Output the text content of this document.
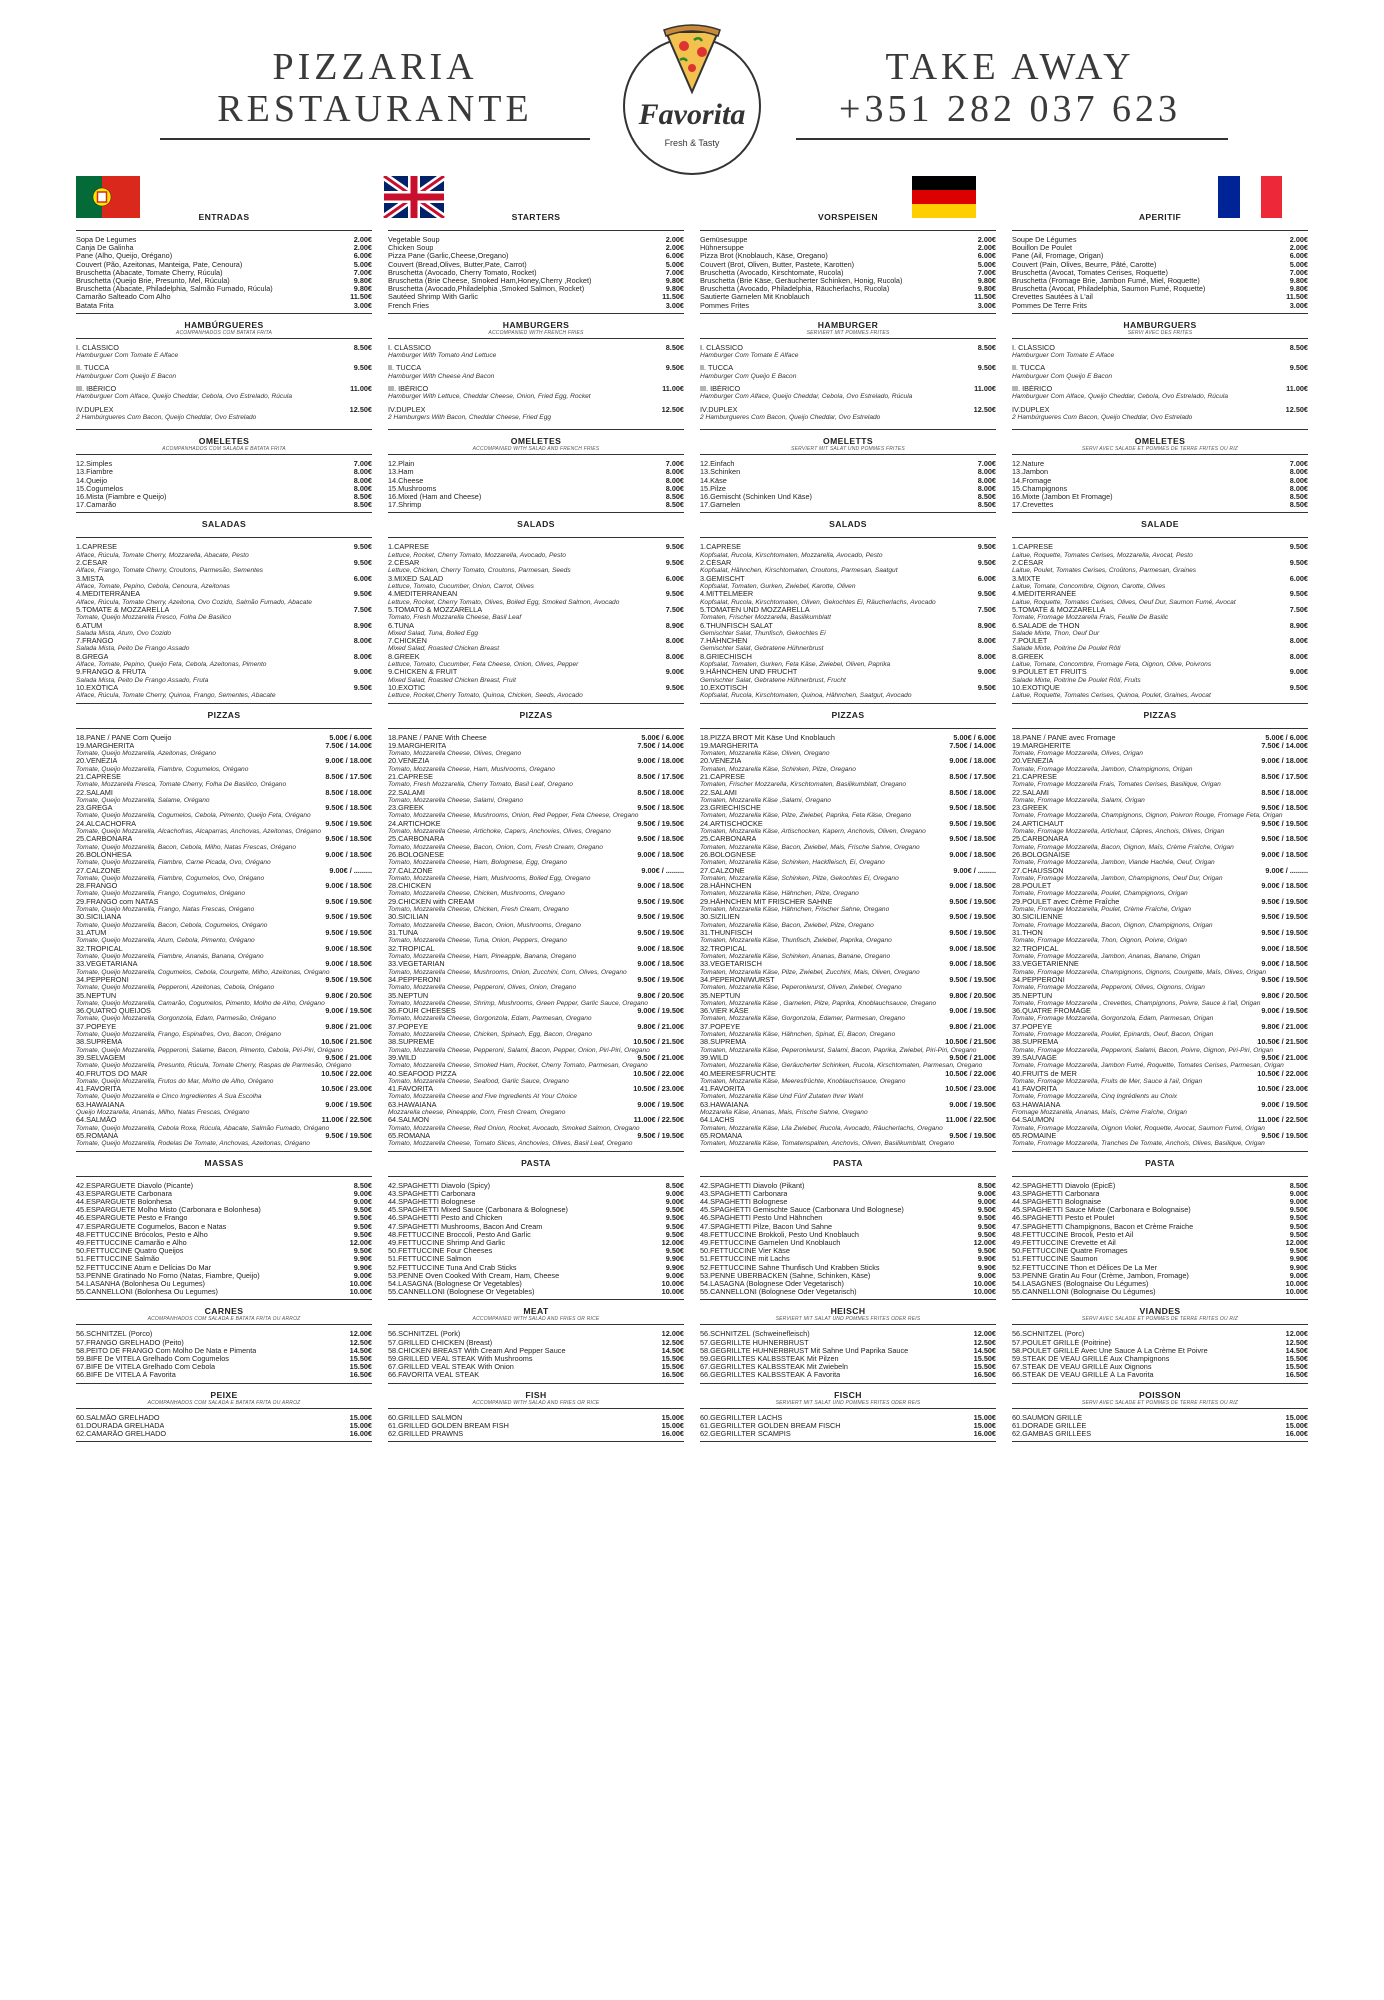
PIZZARIA
RESTAURANTE
TAKE AWAY
+351 282 037 623
Favorita
Fresh & Tasty
ENTRADAS
Sopa De Legumes	2.00€
Canja De Galinha	2.00€
Pane (Alho, Queijo, Orégano)	6.00€
Couvert (Pão, Azeitonas, Manteiga, Pate, Cenoura)	5.00€
Bruschetta (Abacate, Tomate Cherry, Rúcula)	7.00€
Bruschetta (Queijo Brie, Presunto, Mel, Rúcula)	9.80€
Bruschetta (Abacate, Philadelphia, Salmão Fumado, Rúcula)	9.80€
Camarão Salteado Com Alho	11.50€
Batata Frita	3.00€
HAMBÚRGUERES
ACOMPANHADOS COM BATATA FRITA
I. CLÁSSICO	8.50€
Hamburguer Com Tomate E Alface
II. TUCCA	9.50€
Hamburguer Com Queijo E Bacon
III. IBÉRICO	11.00€
Hamburguer Com Alface, Queijo Cheddar, Cebola, Ovo Estrelado, Rúcula
IV.DUPLEX	12.50€
2 Hambúrgueres Com Bacon, Queijo Cheddar, Ovo Estrelado
OMELETES
ACOMPANHADOS COM SALADA E BATATA FRITA
12.Simples	7.00€
13.Fiambre	8.00€
14.Queijo	8.00€
15.Cogumelos	8.00€
16.Mista (Fiambre e Queijo)	8.50€
17.Camarão	8.50€
SALADAS
1.CAPRESE	9.50€
Alface, Rúcula, Tomate Cherry, Mozzarella, Abacate, Pesto
2.CÉSAR	9.50€
Alface, Frango, Tomate Cherry, Croutons, Parmesão, Sementes
3.MISTA	6.00€
Alface, Tomate, Pepino, Cebola, Cenoura, Azeitonas
4.MEDITERRÂNEA	9.50€
Alface, Rúcula, Tomate Cherry, Azeitona, Ovo Cozido, Salmão Fumado, Abacate
5.TOMATE & MOZZARELLA	7.50€
Tomate, Queijo Mozzarella Fresco, Folha De Basilico
6.ATUM	8.90€
Salada Mista, Atum, Ovo Cozido
7.FRANGO	8.00€
Salada Mista, Peito De Frango Assado
8.GREGA	8.00€
Alface, Tomate, Pepino, Queijo Feta, Cebola, Azeitonas, Pimento
9.FRANGO & FRUTA	9.00€
Salada Mista, Peito De Frango Assado, Fruta
10.EXÓTICA	9.50€
Alface, Rúcula, Tomate Cherry, Quinoa, Frango, Sementes, Abacate
PIZZAS
18.PANE / PANE Com Queijo	5.00€ / 6.00€
19.MARGHERITA	7.50€ / 14.00€
Tomate, Queijo Mozzarella, Azeitonas, Orégano
20.VENEZIA	9.00€ / 18.00€
Tomate, Queijo Mozzarella, Fiambre, Cogumelos, Orégano
21.CAPRESE	8.50€ / 17.50€
Tomate, Mozzarella Fresca, Tomate Cherry, Folha De Basilico, Orégano
22.SALAMI	8.50€ / 18.00€
Tomate, Queijo Mozzarella, Salame, Orégano
23.GREGA	9.50€ / 18.50€
Tomate, Queijo Mozzarella, Cogumelos, Cebola, Pimento, Queijo Feta, Orégano
24.ALCACHOFRA	9.50€ / 19.50€
Tomate, Queijo Mozzarella, Alcachofras, Alcaparras, Anchovas, Azeitonas, Orégano
25.CARBONARA	9.50€ / 18.50€
Tomate, Queijo Mozzarella, Bacon, Cebola, Milho, Natas Frescas, Orégano
26.BOLONHESA	9.00€ / 18.50€
Tomate, Queijo Mozzarella, Fiambre, Carne Picada, Ovo, Orégano
27.CALZONE	9.00€ / .........
Tomate, Queijo Mozzarella, Fiambre, Cogumelos, Ovo, Orégano
28.FRANGO	9.00€ / 18.50€
Tomate, Queijo Mozzarella, Frango, Cogumelos, Orégano
29.FRANGO com NATAS	9.50€ / 19.50€
Tomate, Queijo Mozzarella, Frango, Natas Frescas, Orégano
30.SICILIANA	9.50€ / 19.50€
Tomate, Queijo Mozzarella, Bacon, Cebola, Cogumelos, Orégano
31.ATUM	9.50€ / 19.50€
Tomate, Queijo Mozzarella, Atum, Cebola, Pimento, Orégano
32.TROPICAL	9.00€ / 18.50€
Tomate, Queijo Mozzarella, Fiambre, Ananás, Banana, Orégano
33.VEGETARIANA	9.00€ / 18.50€
Tomate, Queijo Mozzarella, Cogumelos, Cebola, Courgette, Milho, Azeitonas, Orégano
34.PEPPERONI	9.50€ / 19.50€
Tomate, Queijo Mozzarella, Pepperoni, Azeitonas, Cebola, Orégano
35.NEPTUN	9.80€ / 20.50€
Tomate, Queijo Mozzarella, Camarão, Cogumelos, Pimento, Molho de Alho, Orégano
36.QUATRO QUEIJOS	9.00€ / 19.50€
Tomate, Queijo Mozzarella, Gorgonzola, Edam, Parmesão, Orégano
37.POPEYE	9.80€ / 21.00€
Tomate, Queijo Mozzarella, Frango, Espinafres, Ovo, Bacon, Orégano
38.SUPREMA	10.50€ / 21.50€
Tomate, Queijo Mozzarella, Pepperoni, Salame, Bacon, Pimento, Cebola, Piri-Piri, Orégano
39.SELVAGEM	9.50€ / 21.00€
Tomate, Queijo Mozzarella, Presunto, Rúcula, Tomate Cherry, Raspas de Parmesão, Orégano
40.FRUTOS DO MAR	10.50€ / 22.00€
Tomate, Queijo Mozzarella, Frutos do Mar, Molho de Alho, Orégano
41.FAVORITA	10.50€ / 23.00€
Tomate, Queijo Mozzarella e Cinco Ingredientes À Sua Escolha
63.HAWAIANA	9.00€ / 19.50€
Queijo Mozzarella, Ananás, Milho, Natas Frescas, Orégano
64.SALMÃO	11.00€ / 22.50€
Tomate, Queijo Mozzarella, Cebola Roxa, Rúcula, Abacate, Salmão Fumado, Orégano
65.ROMANA	9.50€ / 19.50€
Tomate, Queijo Mozzarella, Rodelas De Tomate, Anchovas, Azeitonas, Orégano
MASSAS
42.ESPARGUETE Diavolo (Picante)	8.50€
43.ESPARGUETE Carbonara	9.00€
44.ESPARGUETE Bolonhesa	9.00€
45.ESPARGUETE Molho Misto (Carbonara e Bolonhesa)	9.50€
46.ESPARGUETE Pesto e Frango	9.50€
47.ESPARGUETE Cogumelos, Bacon e Natas	9.50€
48.FETTUCCINE Brócolos, Pesto e Alho	9.50€
49.FETTUCCINE Camarão e Alho	12.00€
50.FETTUCCINE Quatro Queijos	9.50€
51.FETTUCCINE Salmão	9.90€
52.FETTUCCINE Atum e Delícias Do Mar	9.90€
53.PENNE Gratinado No Forno (Natas, Fiambre, Queijo)	9.00€
54.LASANHA (Bolonhesa Ou Legumes)	10.00€
55.CANNELLONI (Bolonhesa Ou Legumes)	10.00€
CARNES
ACOMPANHADOS COM SALADA E BATATA FRITA OU ARROZ
56.SCHNITZEL (Porco)	12.00€
57.FRANGO GRELHADO (Peito)	12.50€
58.PEITO DE FRANGO Com Molho De Nata e Pimenta	14.50€
59.BIFE De VITELA Grelhado Com Cogumelos	15.50€
67.BIFE De VITELA Grelhado Com Cebola	15.50€
66.BIFE De VITELA À Favorita	16.50€
PEIXE
ACOMPANHADOS COM SALADA E BATATA FRITA OU ARROZ
60.SALMÃO GRELHADO	15.00€
61.DOURADA GRELHADA	15.00€
62.CAMARÃO GRELHADO	16.00€
STARTERS
Vegetable Soup	2.00€
Chicken Soup	2.00€
Pizza Pane (Garlic,Cheese,Oregano)	6.00€
Couvert (Bread,Olives, Butter,Pate, Carrot)	5.00€
Bruschetta (Avocado, Cherry Tomato, Rocket)	7.00€
Bruschetta (Brie Cheese, Smoked Ham,Honey,Cherry ,Rocket)	9.80€
Bruschetta (Avocado,Philadelphia ,Smoked Salmon, Rocket)	9.80€
Sautéed Shrimp With Garlic	11.50€
French Fries	3.00€
HAMBURGERS
ACCOMPANIED WITH FRENCH FRIES
I. CLÁSSICO	8.50€
Hamburger With Tomato And Lettuce
II. TUCCA	9.50€
Hamburger With Cheese And Bacon
III. IBÉRICO	11.00€
Hamburger With Lettuce, Cheddar Cheese, Onion, Fried Egg, Rocket
IV.DUPLEX	12.50€
2 Hamburgers With Bacon, Cheddar Cheese, Fried Egg
OMELETES
ACCOMPANIED WITH SALAD AND FRENCH FRIES
12.Plain	7.00€
13.Ham	8.00€
14.Cheese	8.00€
15.Mushrooms	8.00€
16.Mixed (Ham and Cheese)	8.50€
17.Shrimp	8.50€
SALADS
1.CAPRESE	9.50€
Lettuce, Rocket, Cherry Tomato, Mozzarella, Avocado, Pesto
2.CÉSAR	9.50€
Lettuce, Chicken, Cherry Tomato, Croutons, Parmesan, Seeds
3.MIXED SALAD	6.00€
Lettuce, Tomato, Cucumber, Onion, Carrot, Olives
4.MEDITERRANEAN	9.50€
Lettuce, Rocket, Cherry Tomato, Olives, Boiled Egg, Smoked Salmon, Avocado
5.TOMATO & MOZZARELLA	7.50€
Tomato, Fresh Mozzarella Cheese, Basil Leaf
6.TUNA	8.90€
Mixed Salad, Tuna, Boiled Egg
7.CHICKEN	8.00€
Mixed Salad, Roasted Chicken Breast
8.GREEK	8.00€
Lettuce, Tomato, Cucumber, Feta Cheese, Onion, Olives, Pepper
9.CHICKEN & FRUIT	9.00€
Mixed Salad, Roasted Chicken Breast, Fruit
10.EXOTIC	9.50€
Lettuce, Rocket,Cherry Tomato, Quinoa, Chicken, Seeds, Avocado
PIZZAS
18.PANE / PANE With Cheese	5.00€ / 6.00€
19.MARGHERITA	7.50€ / 14.00€
Tomato, Mozzarella Cheese, Olives, Oregano
20.VENEZIA	9.00€ / 18.00€
Tomato, Mozzarella Cheese, Ham, Mushrooms, Oregano
21.CAPRESE	8.50€ / 17.50€
Tomato, Fresh Mozzarella, Cherry Tomato, Basil Leaf, Oregano
22.SALAMI	8.50€ / 18.00€
Tomato, Mozzarella Cheese, Salami, Oregano
23.GREEK	9.50€ / 18.50€
Tomato, Mozzarella Cheese, Mushrooms, Onion, Red Pepper, Feta Cheese, Oregano
24.ARTICHOKE	9.50€ / 19.50€
Tomato, Mozzarella Cheese, Artichoke, Capers, Anchovies, Olives, Oregano
25.CARBONARA	9.50€ / 18.50€
Tomato, Mozzarella Cheese, Bacon, Onion, Corn, Fresh Cream, Oregano
26.BOLOGNESE	9.00€ / 18.50€
Tomato, Mozzarella Cheese, Ham, Bolognese, Egg, Oregano
27.CALZONE	9.00€ / .........
Tomato, Mozzarella Cheese, Ham, Mushrooms, Boiled Egg, Oregano
28.CHICKEN	9.00€ / 18.50€
Tomato, Mozzarella Cheese, Chicken, Mushrooms, Oregano
29.CHICKEN with CREAM	9.50€ / 19.50€
Tomato, Mozzarella Cheese, Chicken, Fresh Cream, Oregano
30.SICILIAN	9.50€ / 19.50€
Tomato, Mozzarella Cheese, Bacon, Onion, Mushrooms, Oregano
31.TUNA	9.50€ / 19.50€
Tomato, Mozzarella Cheese, Tuna, Onion, Peppers, Oregano
32.TROPICAL	9.00€ / 18.50€
Tomato, Mozzarella Cheese, Ham, Pineapple, Banana, Oregano
33.VEGETARIAN	9.00€ / 18.50€
Tomato, Mozzarella Cheese, Mushrooms, Onion, Zucchini, Corn, Olives, Oregano
34.PEPPERONI	9.50€ / 19.50€
Tomato, Mozzarella Cheese, Pepperoni, Olives, Onion, Oregano
35.NEPTUN	9.80€ / 20.50€
Tomato, Mozzarella Cheese, Shrimp, Mushrooms, Green Pepper, Garlic Sauce, Oregano
36.FOUR CHEESES	9.00€ / 19.50€
Tomato, Mozzarella Cheese, Gorgonzola, Edam, Parmesan, Oregano
37.POPEYE	9.80€ / 21.00€
Tomato, Mozzarella Cheese, Chicken, Spinach, Egg, Bacon, Oregano
38.SUPREME	10.50€ / 21.50€
Tomato, Mozzarella Cheese, Pepperoni, Salami, Bacon, Pepper, Onion, Piri-Piri, Oregano
39.WILD	9.50€ / 21.00€
Tomato, Mozzarella Cheese, Smoked Ham, Rocket, Cherry Tomato, Parmesan, Oregano
40.SEAFOOD PIZZA	10.50€ / 22.00€
Tomato, Mozzarella Cheese, Seafood, Garlic Sauce, Oregano
41.FAVORITA	10.50€ / 23.00€
Tomato, Mozzarella Cheese and Five Ingredients At Your Choice
63.HAWAIANA	9.00€ / 19.50€
Mozzarella cheese, Pineapple, Corn, Fresh Cream, Oregano
64.SALMON	11.00€ / 22.50€
Tomato, Mozzarella Cheese, Red Onion, Rocket, Avocado, Smoked Salmon, Oregano
65.ROMANA	9.50€ / 19.50€
Tomato, Mozzarella Cheese, Tomato Slices, Anchovies, Olives, Basil Leaf, Oregano
PASTA
42.SPAGHETTI Diavolo (Spicy)	8.50€
43.SPAGHETTI Carbonara	9.00€
44.SPAGHETTI Bolognese	9.00€
45.SPAGHETTI Mixed Sauce (Carbonara & Bolognese)	9.50€
46.SPAGHETTI Pesto and Chicken	9.50€
47.SPAGHETTI Mushrooms, Bacon And Cream	9.50€
48.FETTUCCINE Broccoli, Pesto And Garlic	9.50€
49.FETTUCCINE Shrimp And Garlic	12.00€
50.FETTUCCINE Four Cheeses	9.50€
51.FETTUCCINE Salmon	9.90€
52.FETTUCCINE Tuna And Crab Sticks	9.90€
53.PENNE Oven Cooked With Cream, Ham, Cheese	9.00€
54.LASAGNA (Bolognese Or Vegetables)	10.00€
55.CANNELLONI (Bolognese Or Vegetables)	10.00€
MEAT
ACCOMPANIED WITH SALAD AND FRIES OR RICE
56.SCHNITZEL (Pork)	12.00€
57.GRILLED CHICKEN (Breast)	12.50€
58.CHICKEN BREAST With Cream And Pepper Sauce	14.50€
59.GRILLED VEAL STEAK With Mushrooms	15.50€
67.GRILLED VEAL STEAK With Onion	15.50€
66.FAVORITA VEAL STEAK	16.50€
FISH
ACCOMPANIED WITH SALAD AND FRIES OR RICE
60.GRILLED SALMON	15.00€
61.GRILLED GOLDEN BREAM FISH	15.00€
62.GRILLED PRAWNS	16.00€
VORSPEISEN
Gemüsesuppe	2.00€
Hühnersuppe	2.00€
Pizza Brot (Knoblauch, Käse, Oregano)	6.00€
Couvert (Brot, Oliven, Butter, Pastete, Karotten)	5.00€
Bruschetta (Avocado, Kirschtomate, Rucola)	7.00€
Bruschetta (Brie Käse, Geräucherter Schinken, Honig, Rucola)	9.80€
Bruschetta (Avocado, Philadelphia, Räucherlachs, Rucola)	9.80€
Sautierte Garnelen Mit Knoblauch	11.50€
Pommes Frites	3.00€
HAMBURGER
SERVIERT MIT POMMES FRITES
I. CLÁSSICO	8.50€
Hamburger Com Tomate E Alface
II. TUCCA	9.50€
Hamburger Com Queijo E Bacon
III. IBÉRICO	11.00€
Hamburger Com Alface, Queijo Cheddar, Cebola, Ovo Estrelado, Rúcula
IV.DUPLEX	12.50€
2 Hamburgueres Com Bacon, Queijo Cheddar, Ovo Estrelado
OMELETTS
SERVIERT MIT SALAT UND POMMES FRITES
12.Einfach	7.00€
13.Schinken	8.00€
14.Käse	8.00€
15.Pilze	8.00€
16.Gemischt (Schinken Und Käse)	8.50€
17.Garnelen	8.50€
SALADS
1.CAPRESE	9.50€
Kopfsalat, Rucola, Kirschtomaten, Mozzarella, Avocado, Pesto
2.CÉSAR	9.50€
Kopfsalat, Hähnchen, Kirschtomaten, Croutons, Parmesan, Saatgut
3.GEMISCHT	6.00€
Kopfsalat, Tomaten, Gurken, Zwiebel, Karotte, Oliven
4.MITTELMEER	9.50€
Kopfsalat, Rucola, Kirschtomaten, Oliven, Gekochtes Ei, Räucherlachs, Avocado
5.TOMATEN UND MOZZARELLA	7.50€
Tomaten, Frischer Mozzarella, Basilikumblatt
6.THUNFISCH SALAT	8.90€
Gemischter Salat, Thunfisch, Gekochtes Ei
7.HÄHNCHEN	8.00€
Gemischter Salat, Gebratene Hühnerbrust
8.GRIECHISCH	8.00€
Kopfsalat, Tomaten, Gurken, Feta Käse, Zwiebel, Oliven, Paprika
9.HÄHNCHEN UND FRUCHT	9.00€
Gemischter Salat, Gebratene Hühnerbrust, Frucht
10.EXOTISCH	9.50€
Kopfsalat, Rucola, Kirschtomaten, Quinoa, Hähnchen, Saatgut, Avocado
PIZZAS
18.PIZZA BROT Mit Käse Und Knoblauch	5.00€ / 6.00€
19.MARGHERITA	7.50€ / 14.00€
Tomaten, Mozzarella Käse, Oliven, Oregano
20.VENEZIA	9.00€ / 18.00€
Tomaten, Mozzarella Käse, Schinken, Pilze, Oregano
21.CAPRESE	8.50€ / 17.50€
Tomaten, Frischer Mozzarella, Kirschtomaten, Basilikumblatt, Oregano
22.SALAMI	8.50€ / 18.00€
Tomaten, Mozzarella Käse ,Salami, Oregano
23.GRIECHISCHE	9.50€ / 18.50€
Tomaten, Mozzarella Käse, Pilze, Zwiebel, Paprika, Feta Käse, Oregano
24.ARTISCHOCKE	9.50€ / 19.50€
Tomaten, Mozzarella Käse, Artischocken, Kapern, Anchovis, Oliven, Oregano
25.CARBONARA	9.50€ / 18.50€
Tomaten, Mozzarella Käse, Bacon, Zwiebel, Mais, Frische Sahne, Oregano
26.BOLOGNESE	9.00€ / 18.50€
Tomaten, Mozzarella Käse, Schinken, Hackfleisch, Ei, Oregano
27.CALZONE	9.00€ / .........
Tomaten, Mozzarella Käse, Schinken, Pilze, Gekochtes Ei, Oregano
28.HÄHNCHEN	9.00€ / 18.50€
Tomaten, Mozzarella Käse, Hähnchen, Pilze, Oregano
29.HÄHNCHEN MIT FRISCHER SAHNE	9.50€ / 19.50€
Tomaten, Mozzarella Käse, Hähnchen, Frischer Sahne, Oregano
30.SIZILIEN	9.50€ / 19.50€
Tomaten, Mozzarella Käse, Bacon, Zwiebel, Pilze, Oregano
31.THUNFISCH	9.50€ / 19.50€
Tomaten, Mozzarella Käse, Thunfisch, Zwiebel, Paprika, Oregano
32.TROPICAL	9.00€ / 18.50€
Tomaten, Mozzarella Käse, Schinken, Ananas, Banane, Oregano
33.VEGETARISCH	9.00€ / 18.50€
Tomaten, Mozzarella Käse, Pilze, Zwiebel, Zucchini, Mais, Oliven, Oregano
34.PEPERONIWURST	9.50€ / 19.50€
Tomaten, Mozzarella Käse, Peperoniwurst, Oliven, Zwiebel, Oregano
35.NEPTUN	9.80€ / 20.50€
Tomaten, Mozzarella Käse , Garnelen, Pilze, Paprika, Knoblauchsauce, Oregano
36.VIER KÄSE	9.00€ / 19.50€
Tomaten, Mozzarella Käse, Gorgonzola, Edamer, Parmesan, Oregano
37.POPEYE	9.80€ / 21.00€
Tomaten, Mozzarella Käse, Hähnchen, Spinat, Ei, Bacon, Oregano
38.SUPREMA	10.50€ / 21.50€
Tomaten, Mozzarella Käse, Peperoniwurst, Salami, Bacon, Paprika, Zwiebel, Piri-Piri, Oregano
39.WILD	9.50€ / 21.00€
Tomaten, Mozzarella Käse, Geräucherter Schinken, Rucola, Kirschtomaten, Parmesan, Oregano
40.MEERESFRÜCHTE	10.50€ / 22.00€
Tomaten, Mozzarella Käse, Meeresfrüchte, Knoblauchsauce, Oregano
41.FAVORITA	10.50€ / 23.00€
Tomaten, Mozzarella Käse Und Fünf Zutaten Ihrer Wahl
63.HAWAIANA	9.00€ / 19.50€
Mozzarella Käse, Ananas, Mais, Frische Sahne, Oregano
64.LACHS	11.00€ / 22.50€
Tomaten, Mozzarella Käse, Lila Zwiebel, Rucola, Avocado, Räucherlachs, Oregano
65.ROMANA	9.50€ / 19.50€
Tomaten, Mozzarella Käse, Tomatenspalten, Anchovis, Oliven, Basilikumblatt, Oregano
PASTA
42.SPAGHETTI Diavolo (Pikant)	8.50€
43.SPAGHETTI Carbonara	9.00€
44.SPAGHETTI Bolognese	9.00€
45.SPAGHETTI Gemischte Sauce (Carbonara Und Bolognese)	9.50€
46.SPAGHETTI Pesto Und Hähnchen	9.50€
47.SPAGHETTI Pilze, Bacon Und Sahne	9.50€
48.FETTUCCINE Brokkoli, Pesto Und Knoblauch	9.50€
49.FETTUCCINE Garnelen Und Knoblauch	12.00€
50.FETTUCCINE Vier Käse	9.50€
51.FETTUCCINE mit Lachs	9.90€
52.FETTUCCINE Sahne Thunfisch Und Krabben Sticks	9.90€
53.PENNE ÜBERBACKEN (Sahne, Schinken, Käse)	9.00€
54.LASAGNA (Bolognese Oder Vegetarisch)	10.00€
55.CANNELLONI (Bolognese Oder Vegetarisch)	10.00€
HEISCH
SERVIERT MIT SALAT UND POMMES FRITES ODER REIS
56.SCHNITZEL (Schweinefleisch)	12.00€
57.GEGRILLTE HÜHNERBRUST	12.50€
58.GEGRILLTE HÜHNERBRUST Mit Sahne Und Paprika Sauce	14.50€
59.GEGRILLTES KALBSSTEAK Mit Pilzen	15.50€
67.GEGRILLTES KALBSSTEAK Mit Zwiebeln	15.50€
66.GEGRILLTES KALBSSTEAK À Favorita	16.50€
FISCH
SERVIERT MIT SALAT UND POMMES FRITES ODER REIS
60.GEGRILLTER LACHS	15.00€
61.GEGRILLTER GOLDEN BREAM FISCH	15.00€
62.GEGRILLTER SCAMPIS	16.00€
APERITIF
Soupe De Légumes	2.00€
Bouillon De Poulet	2.00€
Pane (Ail, Fromage, Origan)	6.00€
Couvert (Pain, Olives, Beurre, Pâté, Carotte)	5.00€
Bruschetta (Avocat, Tomates Cerises, Roquette)	7.00€
Bruschetta (Fromage Brie, Jambon Fumé, Miel, Roquette)	9.80€
Bruschetta (Avocat, Philadelphia, Saumon Fumé, Roquette)	9.80€
Crevettes Sautées à L'ail	11.50€
Pommes De Terre Frits	3.00€
HAMBURGUERS
SERVI AVEC DES FRITES
I. CLÁSSICO	8.50€
Hamburguer Com Tomate E Alface
II. TUCCA	9.50€
Hamburguer Com Queijo E Bacon
III. IBÉRICO	11.00€
Hamburguer Com Alface, Queijo Cheddar, Cebola, Ovo Estrelado, Rúcula
IV.DUPLEX	12.50€
2 Hambúrgueres Com Bacon, Queijo Cheddar, Ovo Estrelado
OMELETES
SERVI AVEC SALADE ET POMMES DE TERRE FRITES OU RIZ
12.Nature	7.00€
13.Jambon	8.00€
14.Fromage	8.00€
15.Champignons	8.00€
16.Mixte (Jambon Et Fromage)	8.50€
17.Crevettes	8.50€
SALADE
1.CAPRESE	9.50€
Laitue, Roquette, Tomates Cerises, Mozzarella, Avocat, Pesto
2.CÉSAR	9.50€
Laitue, Poulet, Tomates Cerises, Croûtons, Parmesan, Graines
3.MIXTE	6.00€
Laitue, Tomate, Concombre, Oignon, Carotte, Olives
4.MÉDITERRANÉE	9.50€
Laitue, Roquette, Tomates Cerises, Olives, Oeuf Dur, Saumon Fumé, Avocat
5.TOMATE & MOZZARELLA	7.50€
Tomate, Fromage Mozzarella Frais, Feuille De Basilic
6.SALADE de THON	8.90€
Salade Mixte, Thon, Oeuf Dur
7.POULET	8.00€
Salade Mixte, Poitrine De Poulet Rôti
8.GREEK	8.00€
Laitue, Tomate, Concombre, Fromage Feta, Oignon, Olive, Poivrons
9.POULET ET FRUITS	9.00€
Salade Mixte, Poitrine De Poulet Rôti, Fruits
10.EXOTIQUE	9.50€
Laitue, Roquette, Tomates Cerises, Quinoa, Poulet, Graines, Avocat
PIZZAS
18.PANE / PANE avec Fromage	5.00€ / 6.00€
19.MARGHERITE	7.50€ / 14.00€
Tomate, Fromage Mozzarella, Olives, Origan
20.VENEZIA	9.00€ / 18.00€
Tomate, Fromage Mozzarella, Jambon, Champignons, Origan
21.CAPRESE	8.50€ / 17.50€
Tomate, Fromage Mozzarella Frais, Tomates Cerises, Basilique, Origan
22.SALAMI	8.50€ / 18.00€
Tomate, Fromage Mozzarella, Salami, Origan
23.GREEK	9.50€ / 18.50€
Tomate, Fromage Mozzarella, Champignons, Oignon, Poivron Rouge, Fromage Feta, Origan
24.ARTICHAUT	9.50€ / 19.50€
Tomate, Fromage Mozzarella, Artichaut, Câpres, Anchois, Olives, Origan
25.CARBONARA	9.50€ / 18.50€
Tomate, Fromage Mozzarella, Bacon, Oignon, Maïs, Crème Fraîche, Origan
26.BOLOGNAISE	9.00€ / 18.50€
Tomate, Fromage Mozzarella, Jambon, Viande Hachée, Oeuf, Origan
27.CHAUSSON	9.00€ / .........
Tomate, Fromage Mozzarella, Jambon, Champignons, Oeuf Dur, Origan
28.POULET	9.00€ / 18.50€
Tomate, Fromage Mozzarella, Poulet, Champignons, Origan
29.POULET avec Crème Fraîche	9.50€ / 19.50€
Tomate, Fromage Mozzarella, Poulet, Crème Fraîche, Origan
30.SICILIENNE	9.50€ / 19.50€
Tomate, Fromage Mozzarella, Bacon, Oignon, Champignons, Origan
31.THON	9.50€ / 19.50€
Tomate, Fromage Mozzarella, Thon, Oignon, Poivre, Origan
32.TROPICAL	9.00€ / 18.50€
Tomate, Fromage Mozzarella, Jambon, Ananas, Banane, Origan
33.VEGETARIENNE	9.00€ / 18.50€
Tomate, Fromage Mozzarella, Champignons, Oignons, Courgette, Maïs, Olives, Origan
34.PEPPERONI	9.50€ / 19.50€
Tomate, Fromage Mozzarella, Pepperoni, Olives, Oignons, Origan
35.NEPTUN	9.80€ / 20.50€
Tomate, Fromage Mozzarella , Crevettes, Champignons, Poivre, Sauce à l'ail, Origan
36.QUATRE FROMAGE	9.00€ / 19.50€
Tomate, Fromage Mozzarella, Gorgonzola, Edam, Parmesan, Origan
37.POPEYE	9.80€ / 21.00€
Tomate, Fromage Mozzarella, Poulet, Épinards, Oeuf, Bacon, Origan
38.SUPREMA	10.50€ / 21.50€
Tomate, Fromage Mozzarella, Pepperoni, Salami, Bacon, Poivre, Oignon, Piri-Piri, Origan
39.SAUVAGE	9.50€ / 21.00€
Tomate, Fromage Mozzarella, Jambon Fumé, Roquette, Tomates Cerises, Parmesan, Origan
40.FRUITS de MER	10.50€ / 22.00€
Tomate, Fromage Mozzarella, Fruits de Mer, Sauce à l'ail, Origan
41.FAVORITA	10.50€ / 23.00€
Tomate, Fromage Mozzarella, Cinq Ingrédients au Choix
63.HAWAIANA	9.00€ / 19.50€
Fromage Mozzarella, Ananas, Maïs, Crème Fraîche, Origan
64.SAUMON	11.00€ / 22.50€
Tomate, Fromage Mozzarella, Oignon Violet, Roquette, Avocat, Saumon Fumé, Origan
65.ROMAINE	9.50€ / 19.50€
Tomate, Fromage Mozzarella, Tranches De Tomate, Anchois, Olives, Basilique, Origan
PASTA
42.SPAGHETTI Diavolo (ÉpicÉ)	8.50€
43.SPAGHETTI Carbonara	9.00€
44.SPAGHETTI Bolognaise	9.00€
45.SPAGHETTI Sauce Mixte (Carbonara e Bolognaise)	9.50€
46.SPAGHETTI Pesto et Poulet	9.50€
47.SPAGHETTI Champignons, Bacon et Crème Fraiche	9.50€
48.FETTUCCINE Brocoli, Pesto et Ail	9.50€
49.FETTUCCINE Crevette et Ail	12.00€
50.FETTUCCINE Quatre Fromages	9.50€
51.FETTUCCINE Saumon	9.90€
52.FETTUCCINE Thon et Délices De La Mer	9.90€
53.PENNE Gratin Au Four (Crème, Jambon, Fromage)	9.00€
54.LASAGNES (Bolognaise Ou Légumes)	10.00€
55.CANNELLONI (Bolognaise Ou Légumes)	10.00€
VIANDES
SERVI AVEC SALADE ET POMMES DE TERRE FRITES OU RIZ
56.SCHNITZEL (Porc)	12.00€
57.POULET GRILLÉ (Poitrine)	12.50€
58.POULET GRILLÉ Avec Une Sauce À La Crème Et Poivre	14.50€
59.STEAK DE VEAU GRILLÉ Aux Champignons	15.50€
67.STEAK DE VEAU GRILLÉ Aux Oignons	15.50€
66.STEAK DE VEAU GRILLÉ À La Favorita	16.50€
POISSON
SERVI AVEC SALADE ET POMMES DE TERRE FRITES OU RIZ
60.SAUMON GRILLÉ	15.00€
61.DORADE GRILLÉE	15.00€
62.GAMBAS GRILLÉES	16.00€
